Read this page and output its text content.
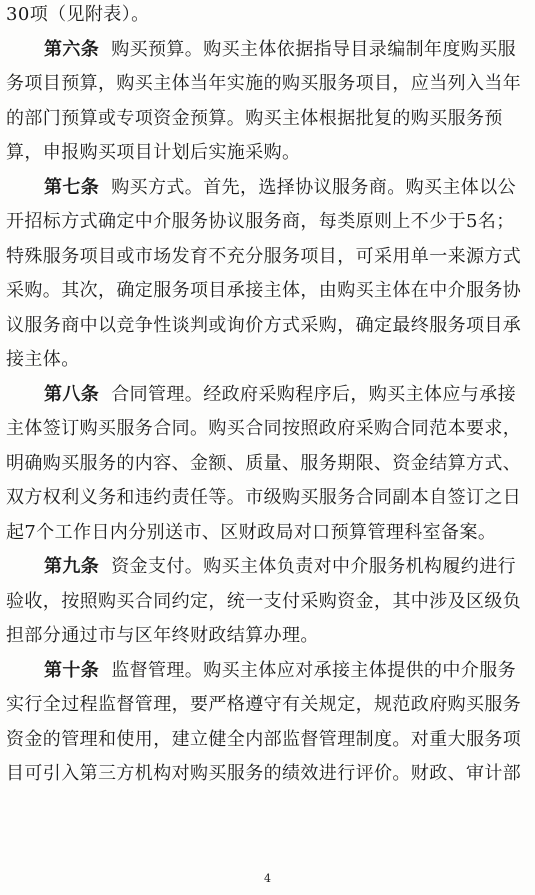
30项（见附表）。
第六条 购买预算。购买主体依据指导目录编制年度购买服
务项目预算，购买主体当年实施的购买服务项目，应当列入当年
的部门预算或专项资金预算。购买主体根据批复的购买服务预
算，申报购买项目计划后实施采购。
第七条 购买方式。首先，选择协议服务商。购买主体以公
开招标方式确定中介服务协议服务商，每类原则上不少于5名；
特殊服务项目或市场发育不充分服务项目，可采用单一来源方式
采购。其次，确定服务项目承接主体，由购买主体在中介服务协
议服务商中以竞争性谈判或询价方式采购，确定最终服务项目承
接主体。
第八条 合同管理。经政府采购程序后，购买主体应与承接
主体签订购买服务合同。购买合同按照政府采购合同范本要求，
明确购买服务的内容、金额、质量、服务期限、资金结算方式、
双方权利义务和违约责任等。市级购买服务合同副本自签订之日
起7个工作日内分别送市、区财政局对口预算管理科室备案。
第九条 资金支付。购买主体负责对中介服务机构履约进行
验收，按照购买合同约定，统一支付采购资金，其中涉及区级负
担部分通过市与区年终财政结算办理。
第十条 监督管理。购买主体应对承接主体提供的中介服务
实行全过程监督管理，要严格遵守有关规定，规范政府购买服务
资金的管理和使用，建立健全内部监督管理制度。对重大服务项
目可引入第三方机构对购买服务的绩效进行评价。财政、审计部
4
